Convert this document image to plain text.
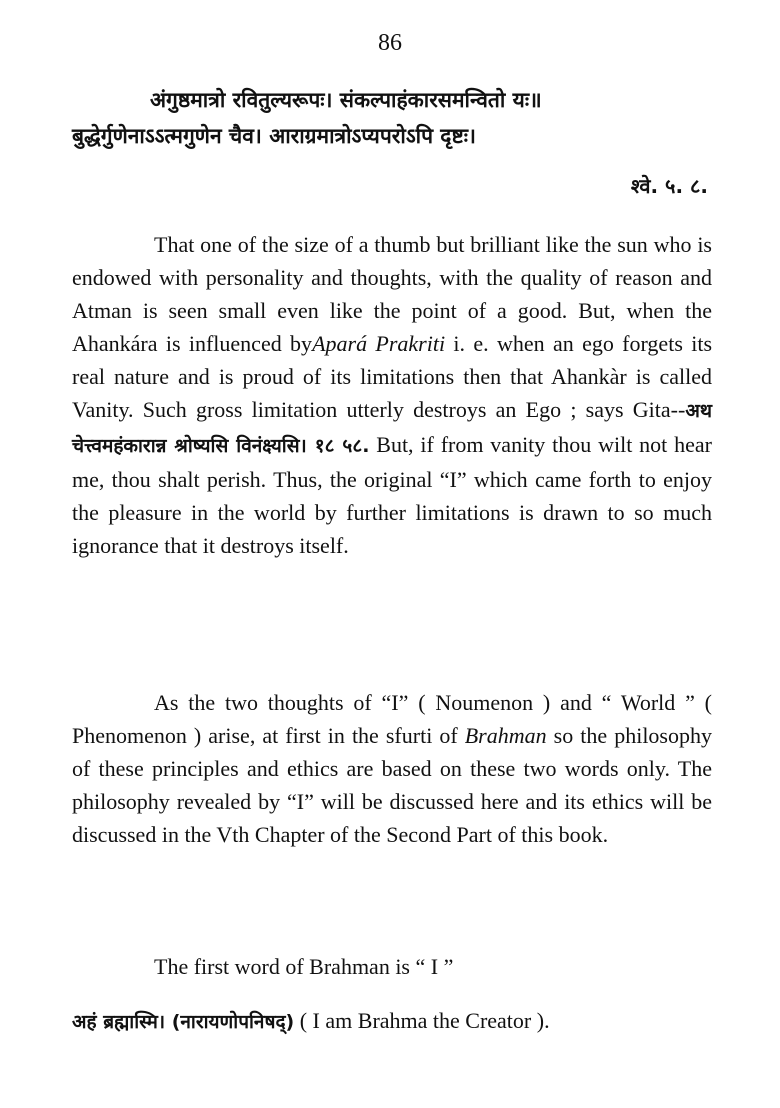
86
अंगुष्ठमात्रो रवितुल्यरूपः। संकल्पाहंकारसमन्वितो यः॥
बुद्धेर्गुणेनाऽऽत्मगुणेन चैव। आराग्रमात्रोऽप्यपरोऽपि दृष्टः।
श्वे. ५. ८.

That one of the size of a thumb but brilliant like the sun who is endowed with personality and thoughts, with the quality of reason and Atman is seen small even like the point of a good. But, when the Ahankára is influenced byApará Prakriti i. e. when an ego forgets its real nature and is proud of its limitations then that Ahankàr is called Vanity. Such gross limitation utterly destroys an Ego ; says Gita--अथ चेत्त्वमहंकारान्न श्रोष्यसि विनंक्ष्यसि। १८ ५८. But, if from vanity thou wilt not hear me, thou shalt perish. Thus, the original “I” which came forth to enjoy the pleasure in the world by further limitations is drawn to so much ignorance that it destroys itself.

As the two thoughts of “I” ( Noumenon ) and “ World ” ( Phenomenon ) arise, at first in the sfurti of Brahman so the philosophy of these principles and ethics are based on these two words only. The philosophy revealed by “I” will be discussed here and its ethics will be discussed in the Vth Chapter of the Second Part of this book.

The first word of Brahman is “ I ”

अहं ब्रह्मास्मि। (नारायणोपनिषद्) ( I am Brahma the Creator ).
